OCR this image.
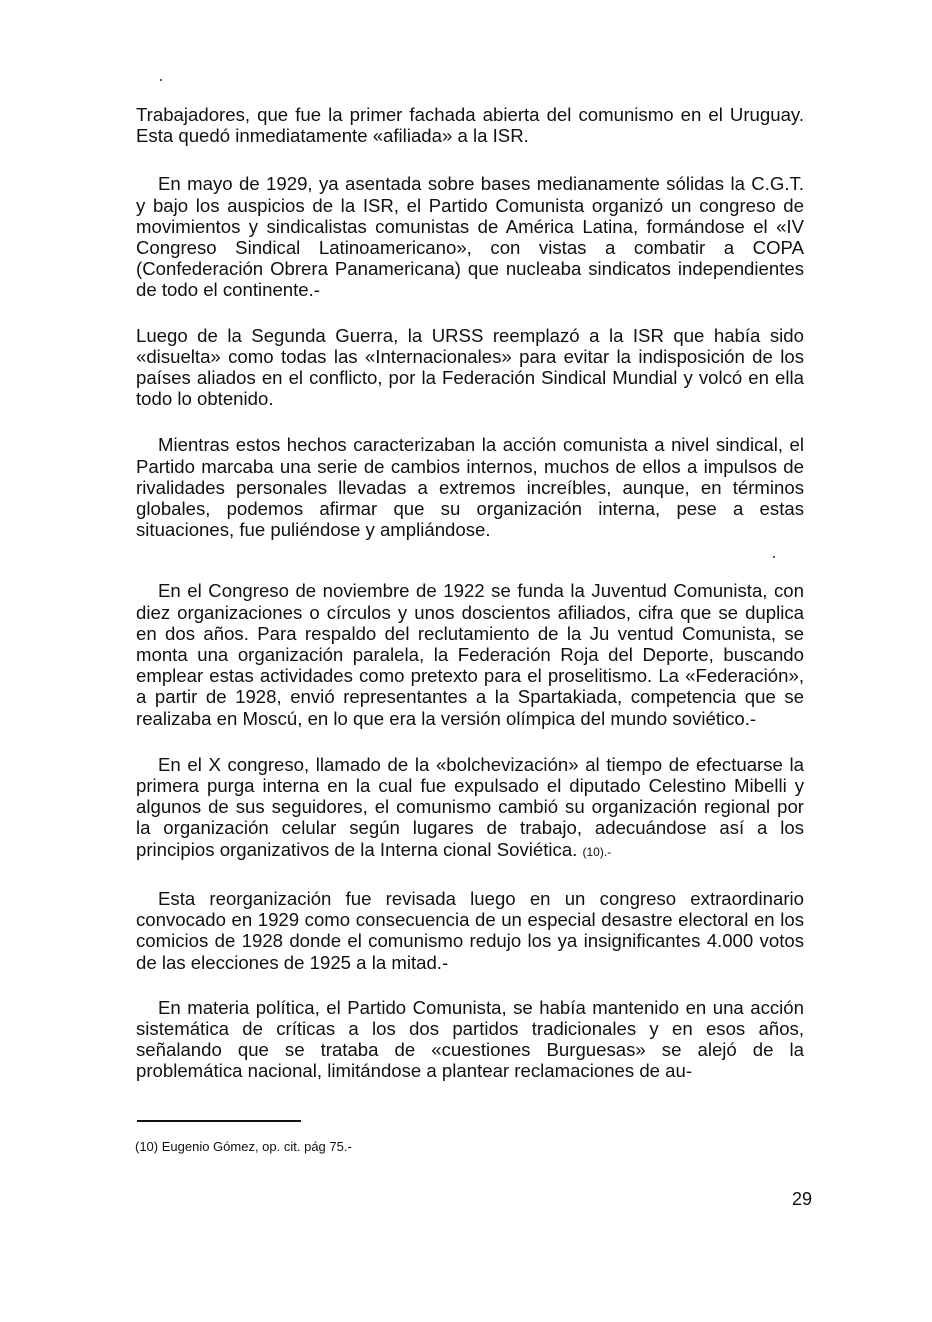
Trabajadores, que fue la primer fachada abierta del comunismo en el Uruguay. Esta quedó inmediatamente «afiliada» a la ISR.

En mayo de 1929, ya asentada sobre bases medianamente sólidas la C.G.T. y bajo los auspicios de la ISR, el Partido Comunista organizó un congreso de movimientos y sindicalistas comunistas de América Latina, formándose el «IV Congreso Sindical Latinoamericano», con vistas a combatir a COPA (Confederación Obrera Panamericana) que nucleaba sindicatos independientes de todo el continente.-

Luego de la Segunda Guerra, la URSS reemplazó a la ISR que había sido «disuelta» como todas las «Internacionales» para evitar la indisposición de los países aliados en el conflicto, por la Federación Sindical Mundial y volcó en ella todo lo obtenido.

Mientras estos hechos caracterizaban la acción comunista a nivel sindical, el Partido marcaba una serie de cambios internos, muchos de ellos a impulsos de rivalidades personales llevadas a extremos increíbles, aunque, en términos globales, podemos afirmar que su organización interna, pese a estas situaciones, fue puliéndose y ampliándose.

En el Congreso de noviembre de 1922 se funda la Juventud Comunista, con diez organizaciones o círculos y unos doscientos afiliados, cifra que se duplica en dos años. Para respaldo del reclutamiento de la Ju ventud Comunista, se monta una organización paralela, la Federación Roja del Deporte, buscando emplear estas actividades como pretexto para el proselitismo. La «Federación», a partir de 1928, envió representantes a la Spartakiada, competencia que se realizaba en Moscú, en lo que era la versión olímpica del mundo soviético.-

En el X congreso, llamado de la «bolchevización» al tiempo de efectuarse la primera purga interna en la cual fue expulsado el diputado Celestino Mibelli y algunos de sus seguidores, el comunismo cambió su organización regional por la organización celular según lugares de trabajo, adecuándose así a los principios organizativos de la Interna cional Soviética. (10).-

Esta reorganización fue revisada luego en un congreso extraordinario convocado en 1929 como consecuencia de un especial desastre electoral en los comicios de 1928 donde el comunismo redujo los ya insignificantes 4.000 votos de las elecciones de 1925 a la mitad.-

En materia política, el Partido Comunista, se había mantenido en una acción sistemática de críticas a los dos partidos tradicionales y en esos años, señalando que se trataba de «cuestiones Burguesas» se alejó de la problemática nacional, limitándose a plantear reclamaciones de au-

(10) Eugenio Gómez, op. cit. pág 75.-

29
